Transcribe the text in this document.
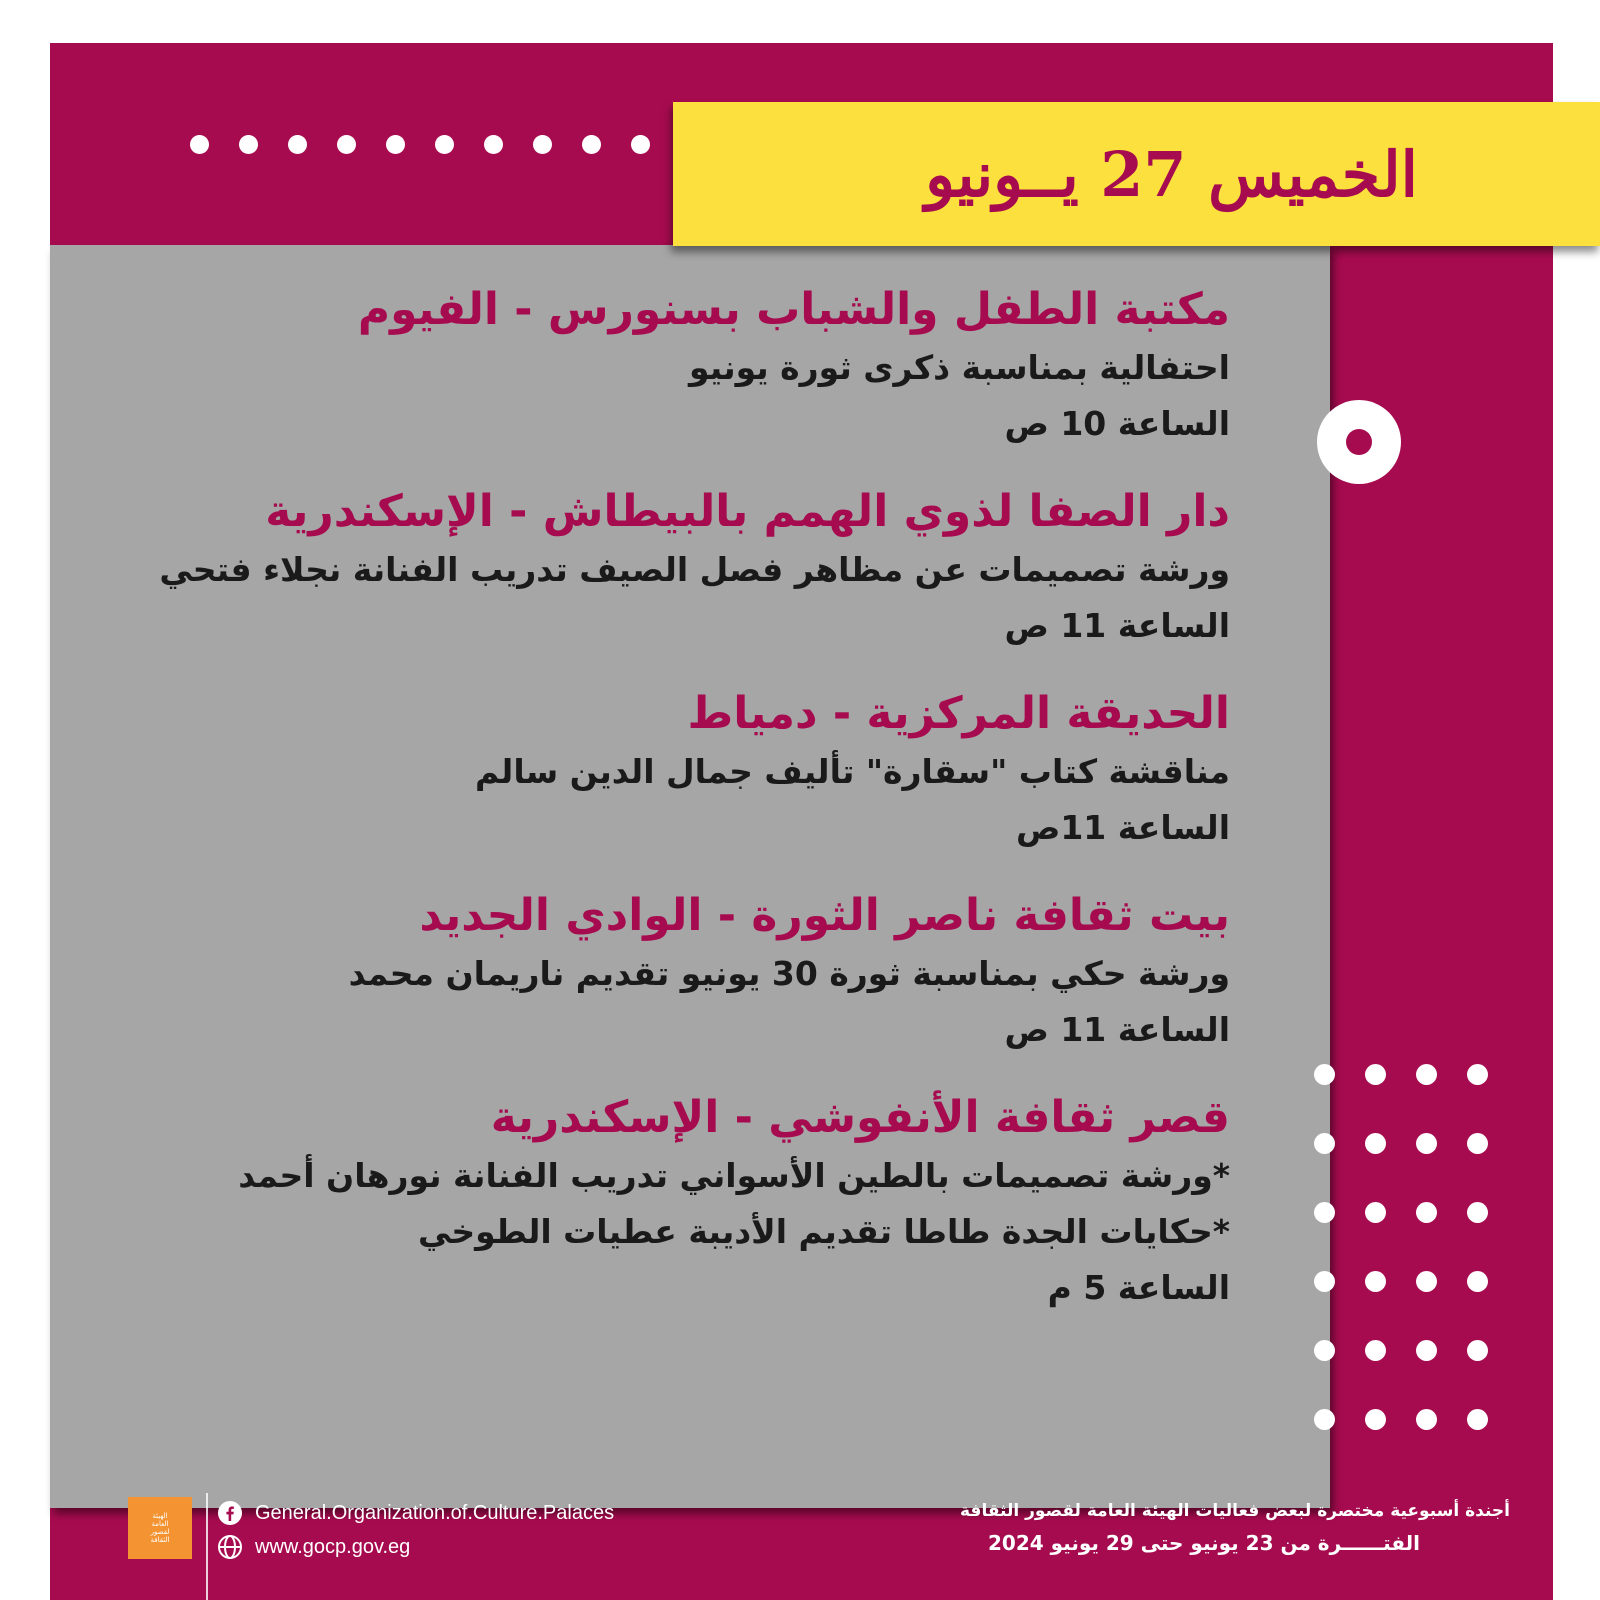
الخميس 27 يــونيو
مكتبة الطفل والشباب بسنورس - الفيوم
احتفالية بمناسبة ذكرى ثورة يونيو
الساعة 10 ص
دار الصفا لذوي الهمم بالبيطاش - الإسكندرية
ورشة تصميمات عن مظاهر فصل الصيف تدريب الفنانة نجلاء فتحي
الساعة 11 ص
الحديقة المركزية - دمياط
مناقشة كتاب "سقارة" تأليف جمال الدين سالم
الساعة 11ص
بيت ثقافة ناصر الثورة - الوادي الجديد
ورشة حكي بمناسبة ثورة 30 يونيو تقديم ناريمان محمد
الساعة 11 ص
قصر ثقافة الأنفوشي - الإسكندرية
*ورشة تصميمات بالطين الأسواني تدريب الفنانة نورهان أحمد
*حكايات الجدة طاطا تقديم الأديبة عطيات الطوخي
الساعة 5 م
الهيئة
العامة
لقصور
الثقافة
General.Organization.of.Culture.Palaces
www.gocp.gov.eg
أجندة أسبوعية مختصرة لبعض فعاليات الهيئة العامة لقصور الثقافة
الفتــــــرة من 23 يونيو حتى 29 يونيو 2024
